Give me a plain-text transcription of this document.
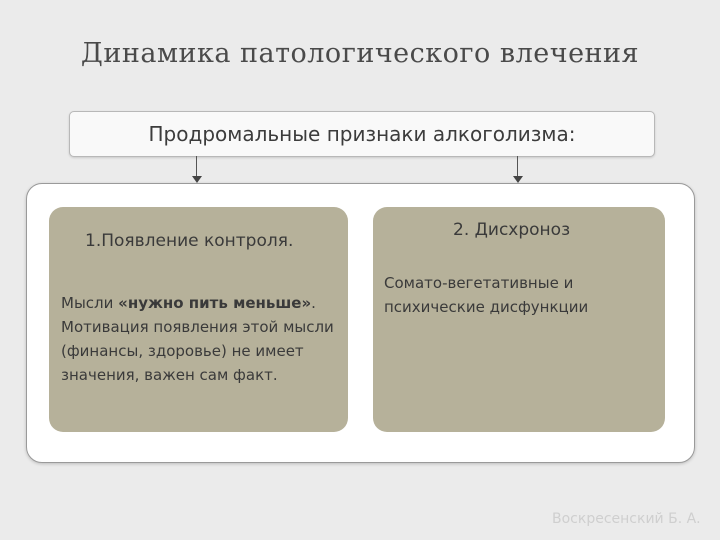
Динамика патологического влечения
Продромальные признаки алкоголизма:
1.Появление контроля.
Мысли «нужно пить меньше». Мотивация появления этой мысли (финансы, здоровье) не имеет значения, важен сам факт.
2. Дисхроноз
Сомато-вегетативные и психические дисфункции
Воскресенский Б. А.
